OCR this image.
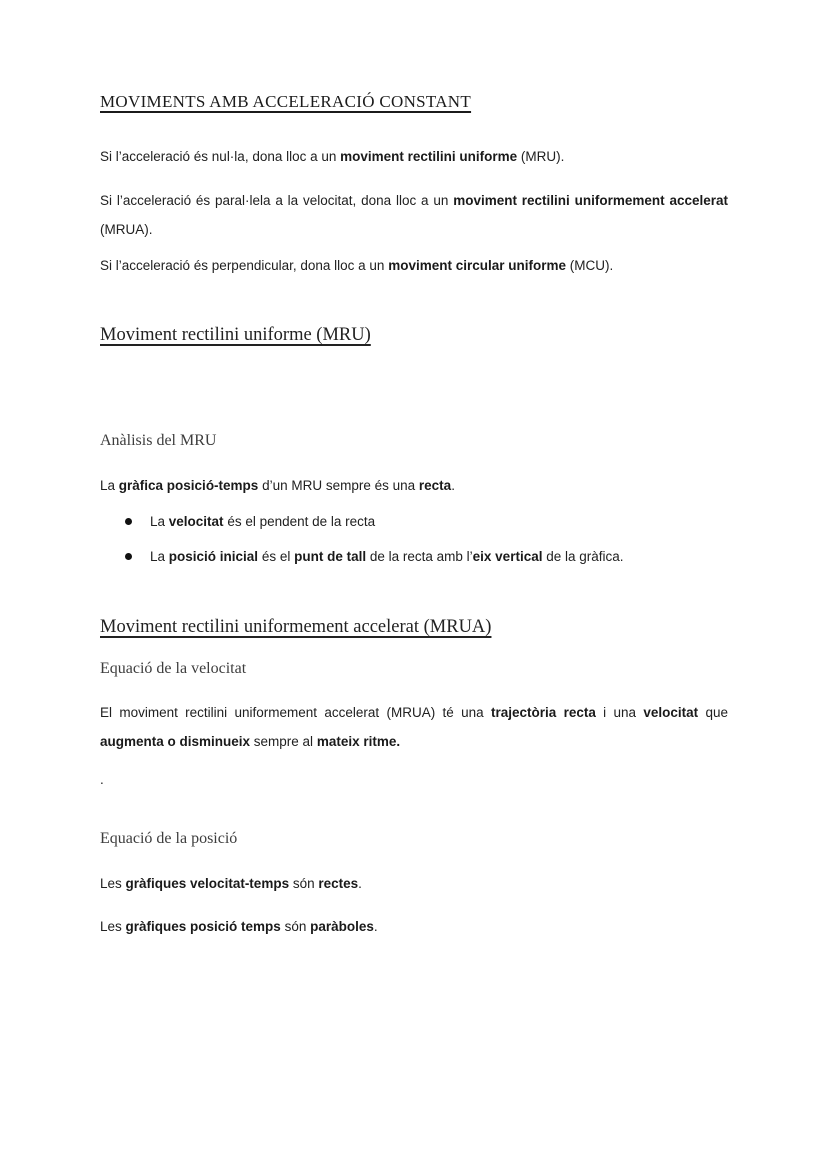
MOVIMENTS AMB ACCELERACIÓ CONSTANT

Si l’acceleració és nul·la, dona lloc a un moviment rectilini uniforme (MRU).

Si l’acceleració és paral·lela a la velocitat, dona lloc a un moviment rectilini uniformement accelerat (MRUA).

Si l’acceleració és perpendicular, dona lloc a un moviment circular uniforme (MCU).

Moviment rectilini uniforme (MRU)
Anàlisis del MRU

La gràfica posició-temps d’un MRU sempre és una recta.

La velocitat és el pendent de la recta
La posició inicial és el punt de tall de la recta amb l’eix vertical de la gràfica.
Moviment rectilini uniformement accelerat (MRUA)
Equació de la velocitat

El moviment rectilini uniformement accelerat (MRUA) té una trajectòria recta i una velocitat que augmenta o disminueix sempre al mateix ritme.

.

Equació de la posició

Les gràfiques velocitat-temps són rectes.

Les gràfiques posició temps són paràboles.
